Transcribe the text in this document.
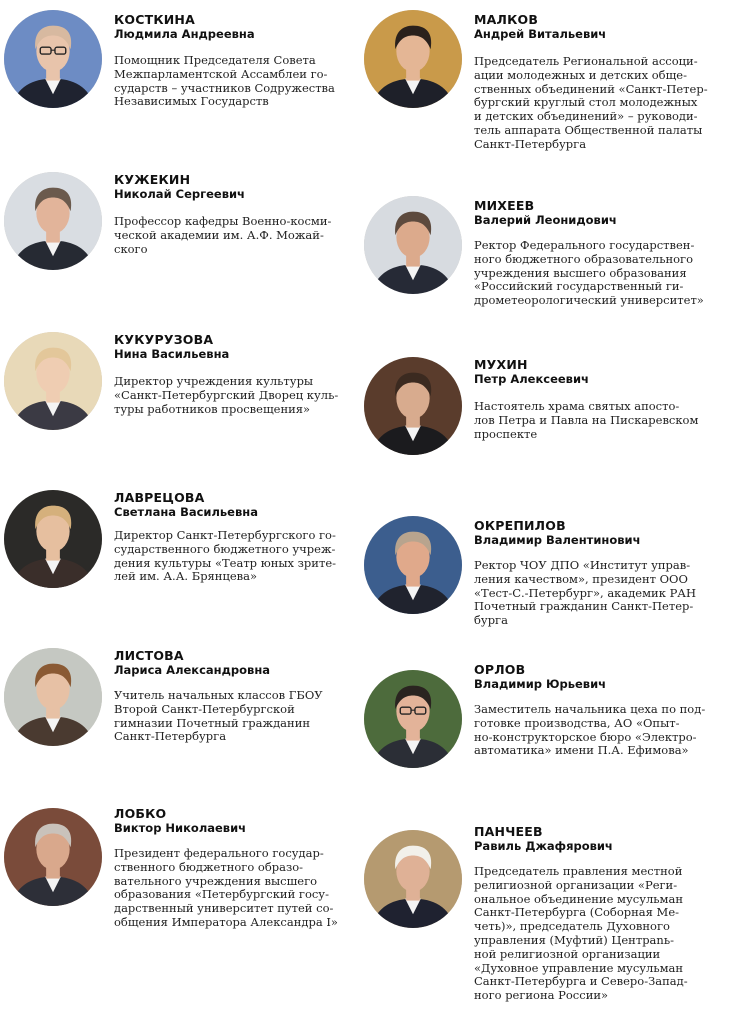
КОСТКИНА
Людмила Андреевна
Помощник Председателя Совета
Межпарламентской Ассамблеи го-
сударств – участников Содружества
Независимых Государств
КУЖЕКИН
Николай Сергеевич
Профессор кафедры Военно-косми-
ческой академии им. А.Ф. Можай-
ского
КУКУРУЗОВА
Нина Васильевна
Директор учреждения культуры
«Санкт-Петербургский Дворец куль-
туры работников просвещения»
ЛАВРЕЦОВА
Светлана Васильевна
Директор Санкт-Петербургского го-
сударственного бюджетного учреж-
дения культуры «Театр юных зрите-
лей им. А.А. Брянцева»
ЛИСТОВА
Лариса Александровна
Учитель начальных классов ГБОУ
Второй Санкт-Петербургской
гимназии Почетный гражданин
Санкт-Петербурга
ЛОБКО
Виктор Николаевич
Президент федерального госудаp-
ственного бюджетного образо-
вательного учреждения высшего
образования «Петербургский госу-
дарственный университет путей со-
общения Императора Александра I»
МАЛКОВ
Андрей Витальевич
Председатель Региональной ассоци-
ации молодежных и детских обще-
ственных объединений «Санкт-Петер-
бургский круглый стол молодежных
и детских объединений» – руководи-
тель аппарата Общественной палаты
Санкт-Петербурга
МИХЕЕВ
Валерий Леонидович
Ректор Федерального государствен-
ного бюджетного образовательного
учреждения высшего образования
«Российский государственный ги-
дрометеорологический университет»
МУХИН
Петр Алексеевич
Настоятель храма святых апосто-
лов Петра и Павла на Пискаревском
проспекте
ОКРЕПИЛОВ
Владимир Валентинович
Ректор ЧОУ ДПО «Институт управ-
ления качеством», президент ООО
«Тест-С.-Петербург», академик РАН
Почетный гражданин Санкт-Петер-
бурга
ОРЛОВ
Владимир Юрьевич
Заместитель начальника цеха по под-
готовке производства, АО «Опыт-
но-конструкторское бюро «Электро-
автоматика» имени П.А. Ефимова»
ПАНЧЕЕВ
Равиль Джафярович
Председатель правления местной
религиозной организации «Реги-
ональное объединение мусульман
Санкт-Петербурга (Соборная Ме-
четь)», председатель Духовного
управления (Муфтий) Центраnь-
ной религиозной организации
«Духовное управление мусульман
Санкт-Петербурга и Северо-Запад-
ного региона России»
